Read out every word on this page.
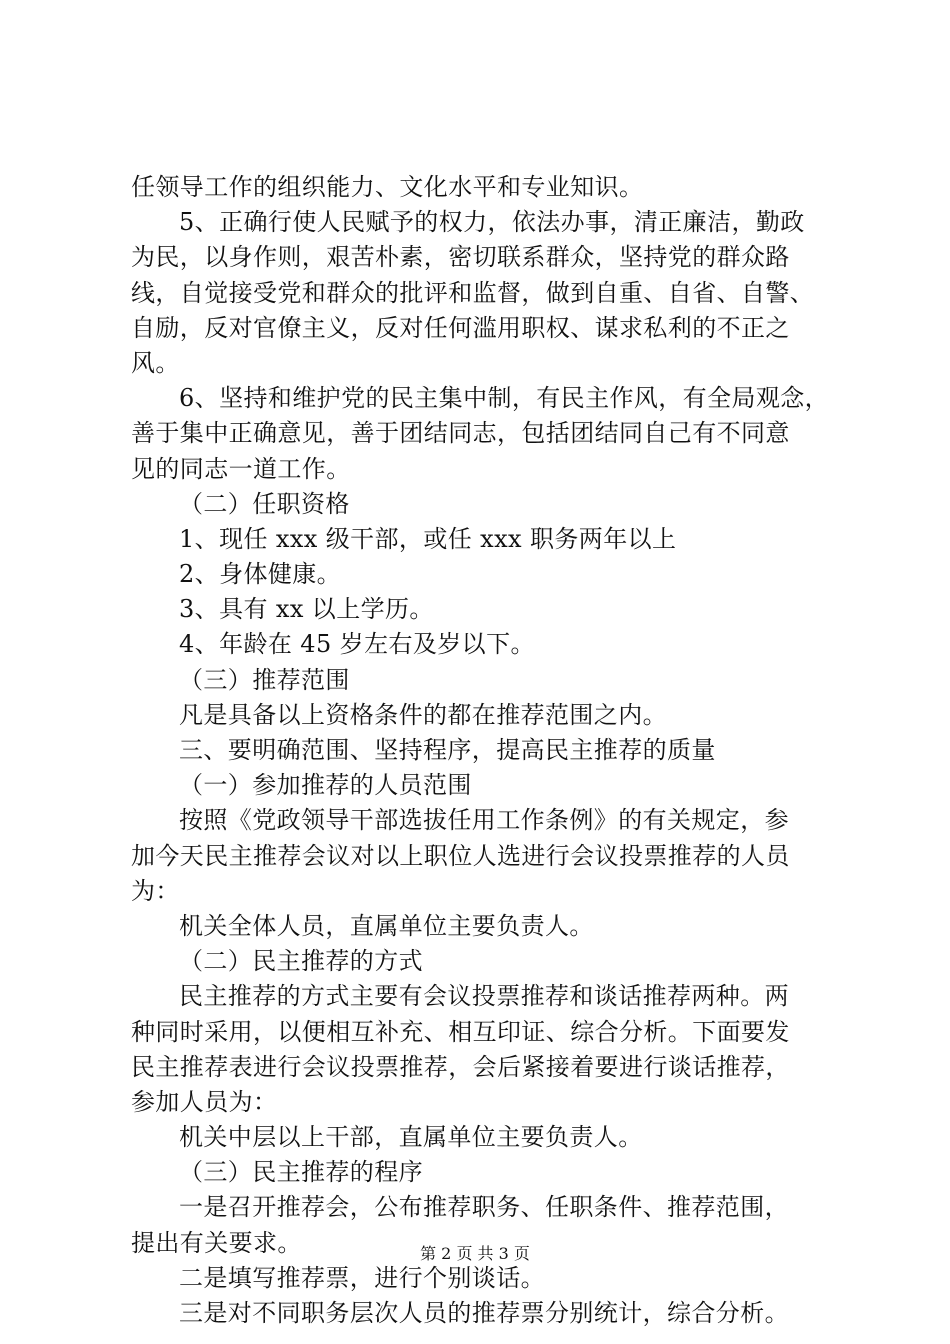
任领导工作的组织能力、文化水平和专业知识。
5、正确行使人民赋予的权力，依法办事，清正廉洁，勤政
为民，以身作则，艰苦朴素，密切联系群众，坚持党的群众路
线，自觉接受党和群众的批评和监督，做到自重、自省、自警、
自励，反对官僚主义，反对任何滥用职权、谋求私利的不正之
风。
6、坚持和维护党的民主集中制，有民主作风，有全局观念，
善于集中正确意见，善于团结同志，包括团结同自己有不同意
见的同志一道工作。
（二）任职资格
1、现任 xxx 级干部，或任 xxx 职务两年以上
2、身体健康。
3、具有 xx 以上学历。
4、年龄在 45 岁左右及岁以下。
（三）推荐范围
凡是具备以上资格条件的都在推荐范围之内。
三、要明确范围、坚持程序，提高民主推荐的质量
（一）参加推荐的人员范围
按照《党政领导干部选拔任用工作条例》的有关规定，参
加今天民主推荐会议对以上职位人选进行会议投票推荐的人员
为：
机关全体人员，直属单位主要负责人。
（二）民主推荐的方式
民主推荐的方式主要有会议投票推荐和谈话推荐两种。两
种同时采用，以便相互补充、相互印证、综合分析。下面要发
民主推荐表进行会议投票推荐，会后紧接着要进行谈话推荐，
参加人员为：
机关中层以上干部，直属单位主要负责人。
（三）民主推荐的程序
一是召开推荐会，公布推荐职务、任职条件、推荐范围，
提出有关要求。
二是填写推荐票，进行个别谈话。
三是对不同职务层次人员的推荐票分别统计，综合分析。
第 2 页 共 3 页
